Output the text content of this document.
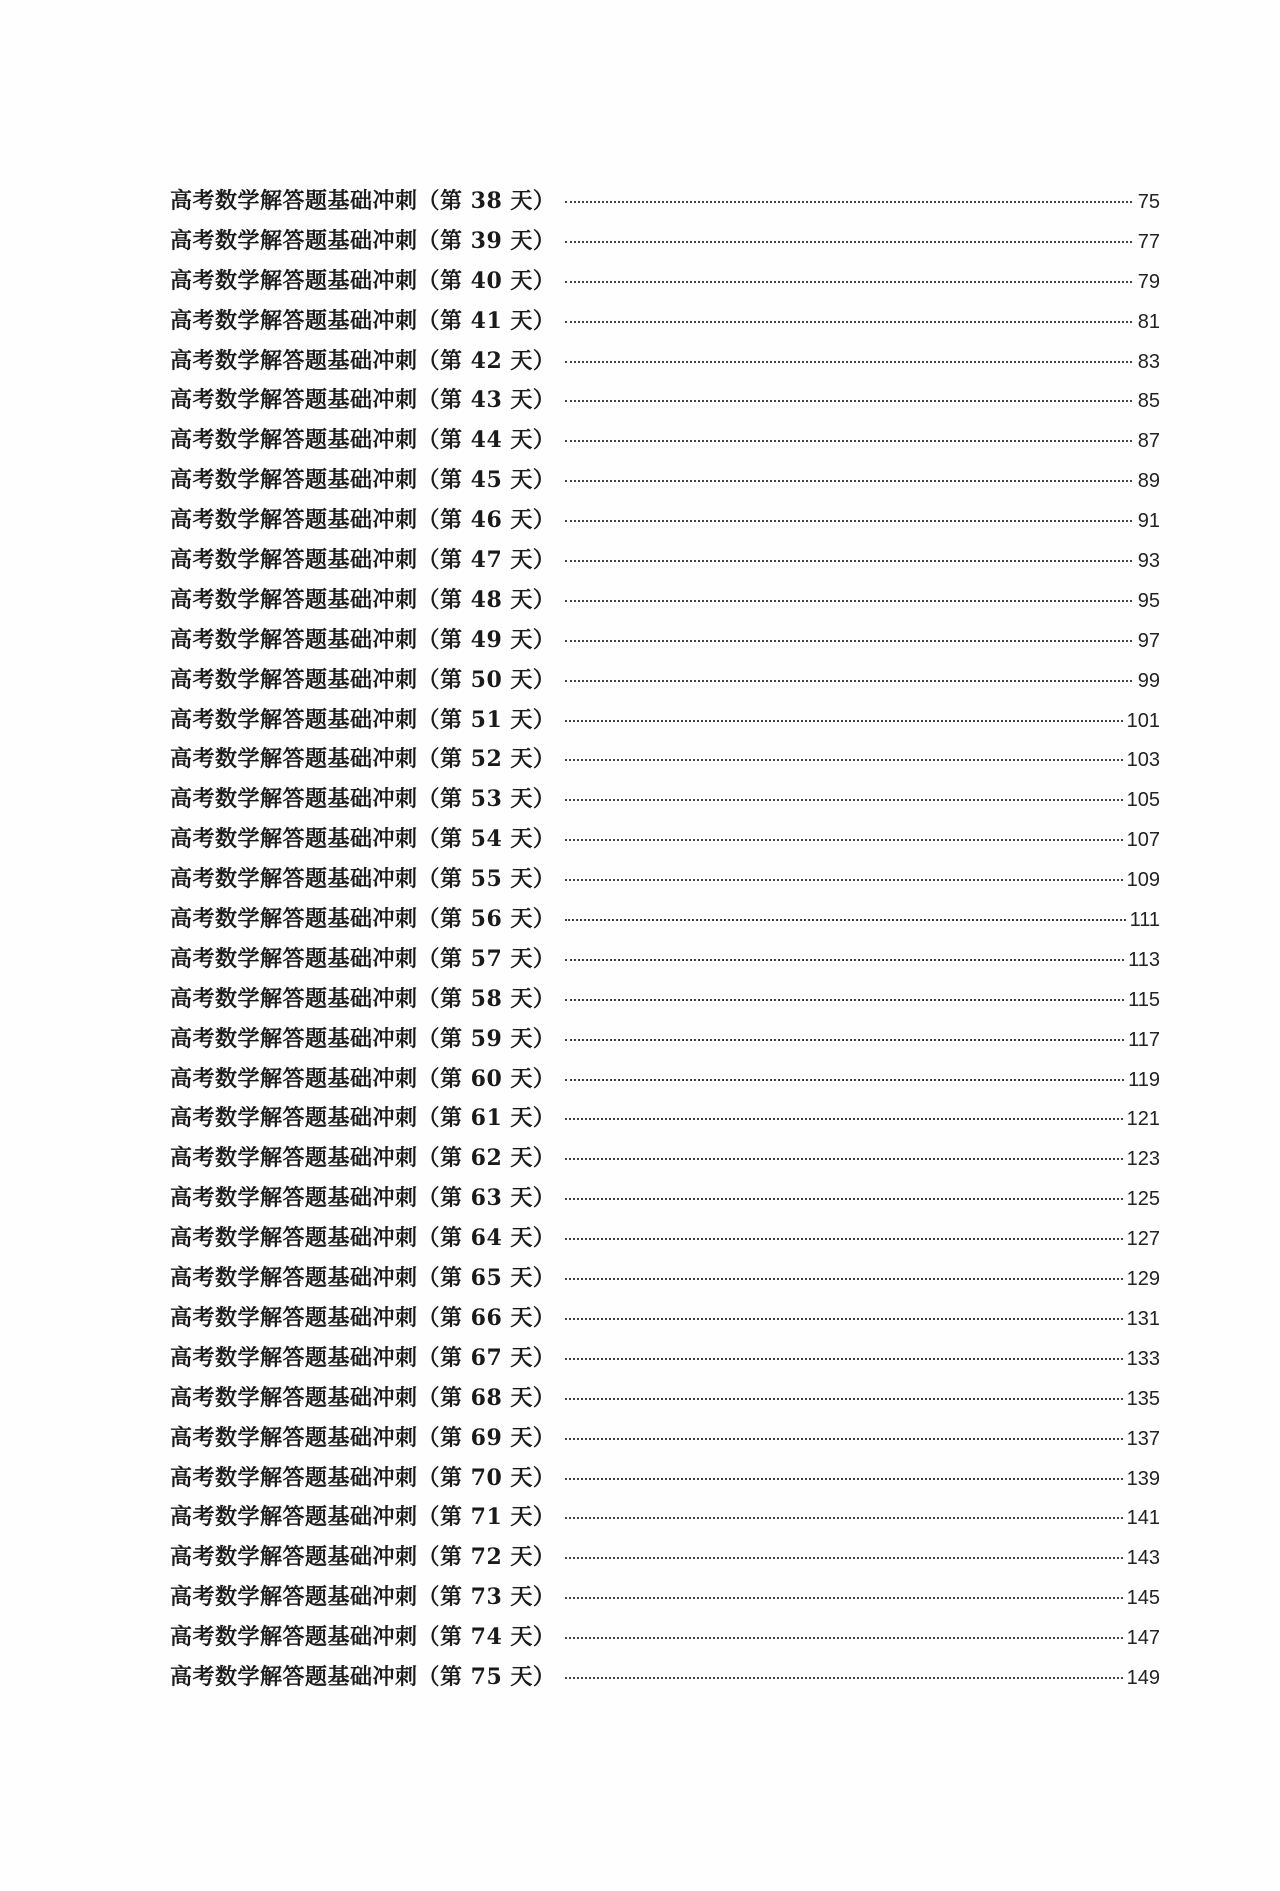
高考数学解答题基础冲刺（第 38 天）	75
高考数学解答题基础冲刺（第 39 天）	77
高考数学解答题基础冲刺（第 40 天）	79
高考数学解答题基础冲刺（第 41 天）	81
高考数学解答题基础冲刺（第 42 天）	83
高考数学解答题基础冲刺（第 43 天）	85
高考数学解答题基础冲刺（第 44 天）	87
高考数学解答题基础冲刺（第 45 天）	89
高考数学解答题基础冲刺（第 46 天）	91
高考数学解答题基础冲刺（第 47 天）	93
高考数学解答题基础冲刺（第 48 天）	95
高考数学解答题基础冲刺（第 49 天）	97
高考数学解答题基础冲刺（第 50 天）	99
高考数学解答题基础冲刺（第 51 天）	101
高考数学解答题基础冲刺（第 52 天）	103
高考数学解答题基础冲刺（第 53 天）	105
高考数学解答题基础冲刺（第 54 天）	107
高考数学解答题基础冲刺（第 55 天）	109
高考数学解答题基础冲刺（第 56 天）	111
高考数学解答题基础冲刺（第 57 天）	113
高考数学解答题基础冲刺（第 58 天）	115
高考数学解答题基础冲刺（第 59 天）	117
高考数学解答题基础冲刺（第 60 天）	119
高考数学解答题基础冲刺（第 61 天）	121
高考数学解答题基础冲刺（第 62 天）	123
高考数学解答题基础冲刺（第 63 天）	125
高考数学解答题基础冲刺（第 64 天）	127
高考数学解答题基础冲刺（第 65 天）	129
高考数学解答题基础冲刺（第 66 天）	131
高考数学解答题基础冲刺（第 67 天）	133
高考数学解答题基础冲刺（第 68 天）	135
高考数学解答题基础冲刺（第 69 天）	137
高考数学解答题基础冲刺（第 70 天）	139
高考数学解答题基础冲刺（第 71 天）	141
高考数学解答题基础冲刺（第 72 天）	143
高考数学解答题基础冲刺（第 73 天）	145
高考数学解答题基础冲刺（第 74 天）	147
高考数学解答题基础冲刺（第 75 天）	149
